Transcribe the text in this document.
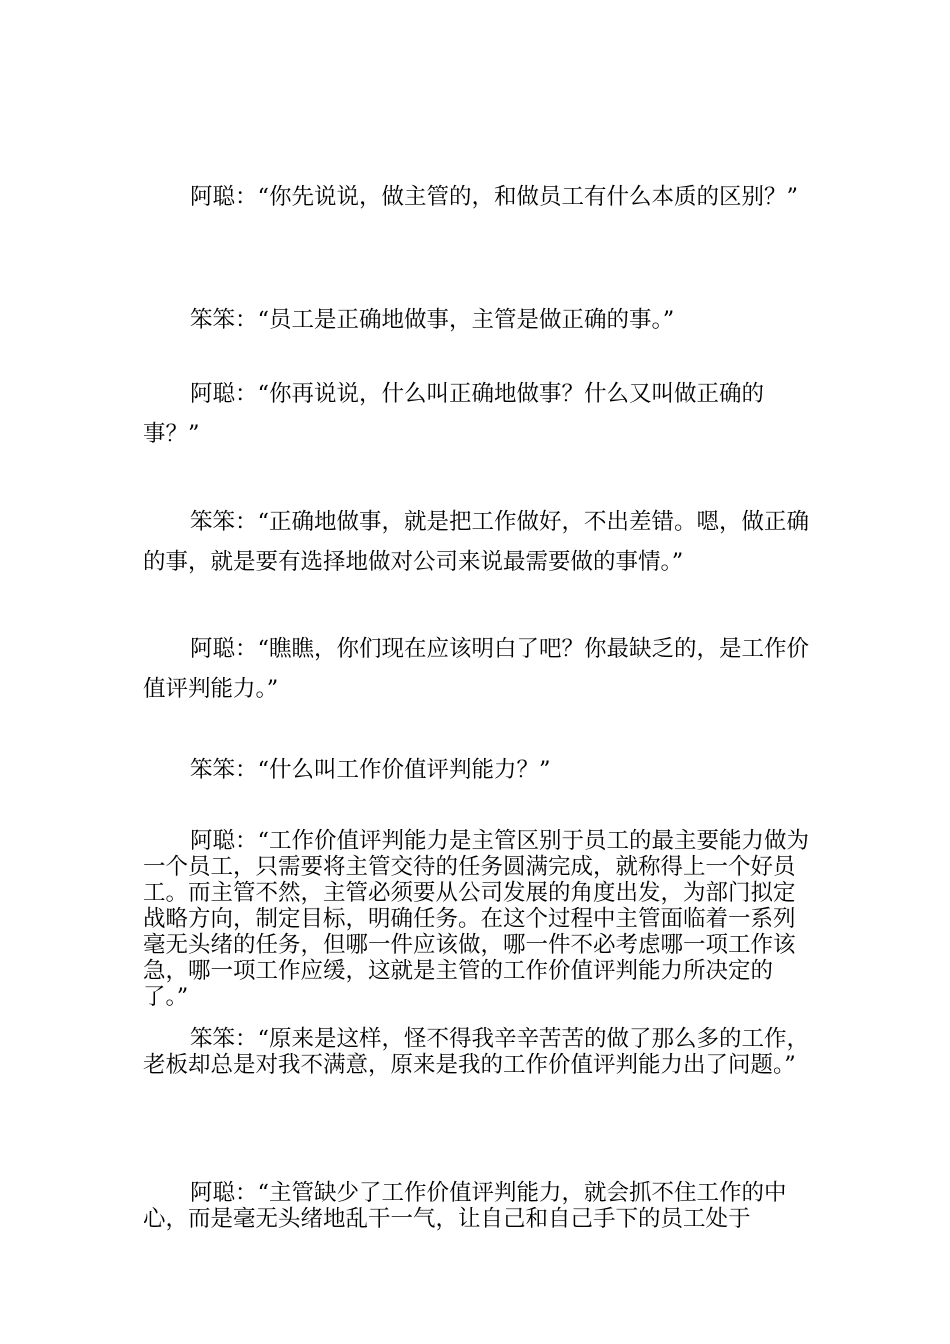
阿聪：“你先说说，做主管的，和做员工有什么本质的区别？”

笨笨：“员工是正确地做事，主管是做正确的事。”

阿聪：“你再说说，什么叫正确地做事？什么又叫做正确的事？”

笨笨：“正确地做事，就是把工作做好，不出差错。嗯，做正确的事，就是要有选择地做对公司来说最需要做的事情。”

阿聪：“瞧瞧，你们现在应该明白了吧？你最缺乏的，是工作价值评判能力。”

笨笨：“什么叫工作价值评判能力？”

阿聪：“工作价值评判能力是主管区别于员工的最主要能力做为一个员工，只需要将主管交待的任务圆满完成，就称得上一个好员工。而主管不然，主管必须要从公司发展的角度出发，为部门拟定战略方向，制定目标，明确任务。在这个过程中主管面临着一系列毫无头绪的任务，但哪一件应该做，哪一件不必考虑哪一项工作该急，哪一项工作应缓，这就是主管的工作价值评判能力所决定的了。”

笨笨：“原来是这样，怪不得我辛辛苦苦的做了那么多的工作，老板却总是对我不满意，原来是我的工作价值评判能力出了问题。”

阿聪：“主管缺少了工作价值评判能力，就会抓不住工作的中心，而是毫无头绪地乱干一气，让自己和自己手下的员工处于
